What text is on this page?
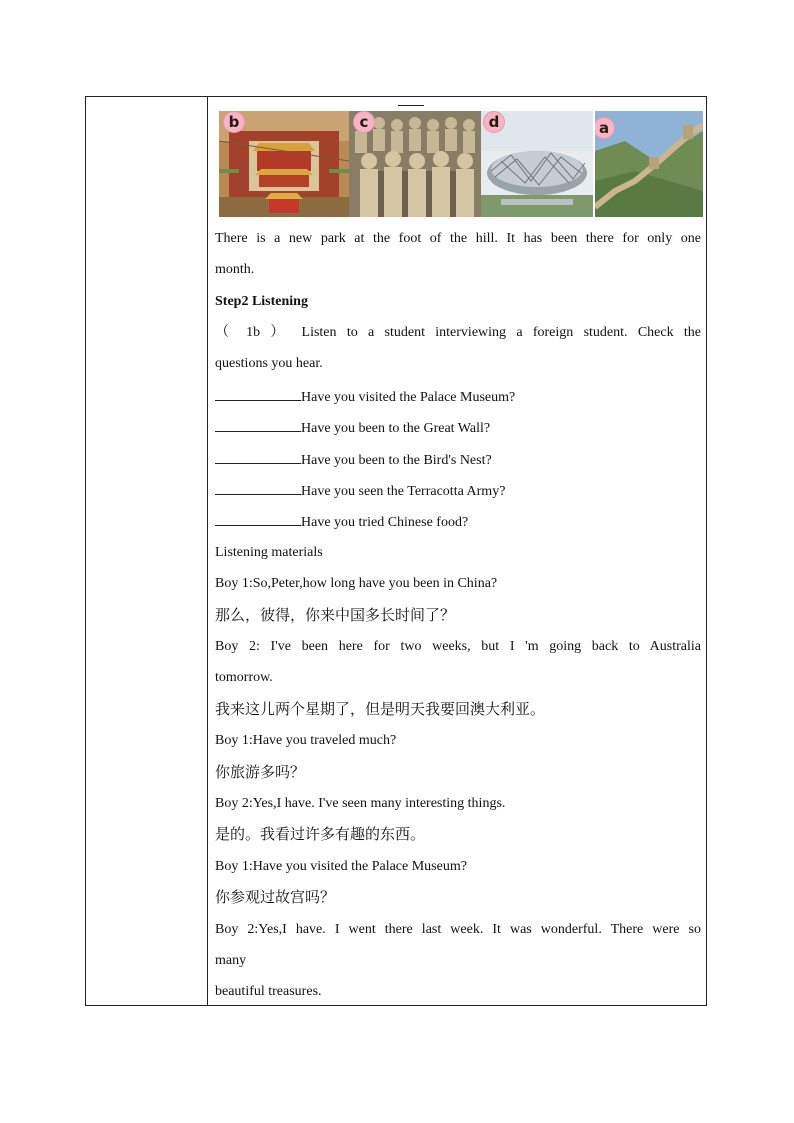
b	c	d	a
There is a new park at the foot of the hill. It has been there for only one
month.
Step2 Listening
（ 1b ） Listen to a student interviewing a foreign student. Check the
questions you hear.
Have you visited the Palace Museum?
Have you been to the Great Wall?
Have you been to the Bird's Nest?
Have you seen the Terracotta Army?
Have you tried Chinese food?
Listening materials
Boy 1:So,Peter,how long have you been in China?
那么，彼得，你来中国多长时间了？
Boy 2: I've been here for two weeks, but I 'm going back to Australia
tomorrow.
我来这儿两个星期了，但是明天我要回澳大利亚。
Boy 1:Have you traveled much?
你旅游多吗？
Boy 2:Yes,I have. I've seen many interesting things.
是的。我看过许多有趣的东西。
Boy 1:Have you visited the Palace Museum?
你参观过故宫吗？
Boy 2:Yes,I have. I went there last week. It was wonderful. There were so
many
beautiful treasures.
